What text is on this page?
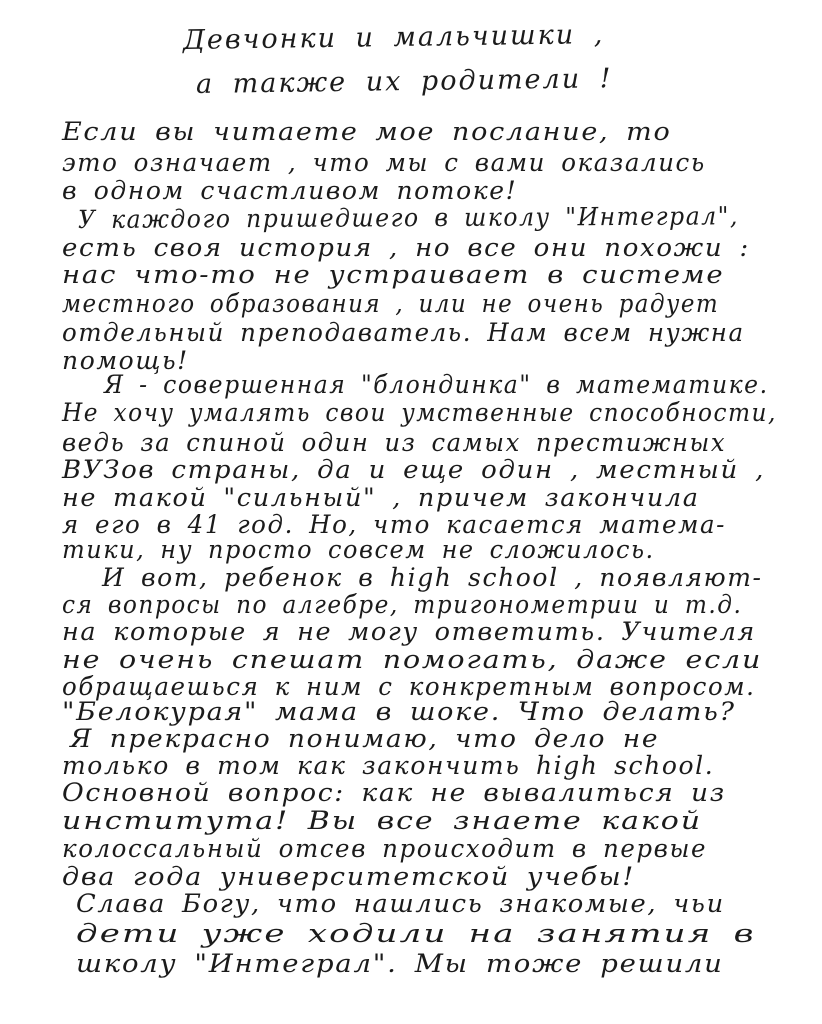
Девчонки и мальчишки ,
а также их родители !
Если вы читаете мое послание, то
это означает , что мы с вами оказались
в одном счастливом потоке!
У каждого пришедшего в школу "Интеграл",
есть своя история , но все они похожи :
нас что-то не устраивает в системе
местного образования , или не очень радует
отдельный преподаватель. Нам всем нужна
помощь!
Я - совершенная "блондинка" в математике.
Не хочу умалять свои умственные способности,
ведь за спиной один из самых престижных
ВУЗов страны, да и еще один , местный ,
не такой "сильный" , причем закончила
я его в 41 год. Но, что касается матема-
тики, ну просто совсем не сложилось.
И вот, ребенок в high school , появляют-
ся вопросы по алгебре, тригонометрии и т.д.
на которые я не могу ответить. Учителя
не очень спешат помогать, даже если
обращаешься к ним с конкретным вопросом.
"Белокурая" мама в шоке. Что делать?
Я прекрасно понимаю, что дело не
только в том как закончить high school.
Основной вопрос: как не вывалиться из
института! Вы все знаете какой
колоссальный отсев происходит в первые
два года университетской учебы!
Слава Богу, что нашлись знакомые, чьи
дети уже ходили на занятия в
школу "Интеграл". Мы тоже решили
